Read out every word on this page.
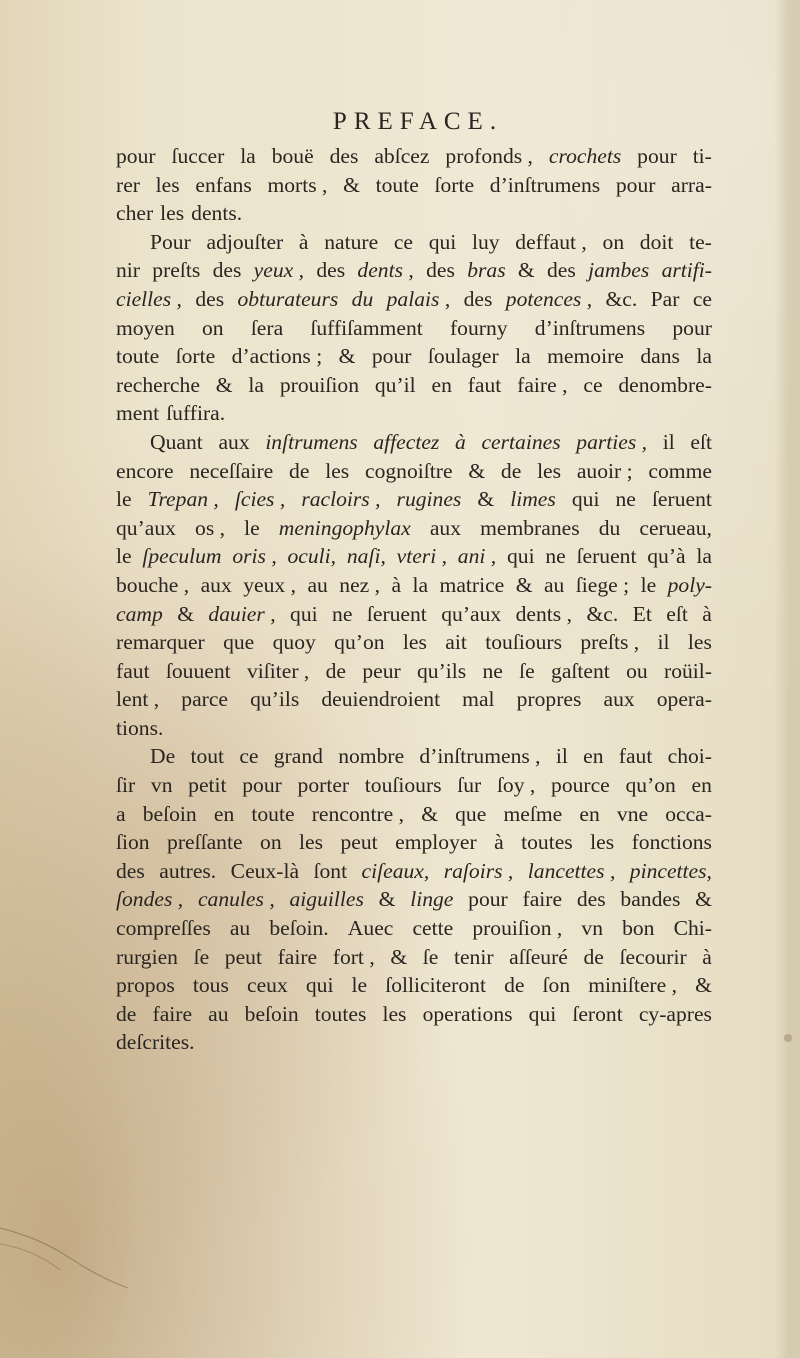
PREFACE.
pour ſuccer la bouë des abſcez profonds , crochets pour ti-
rer les enfans morts , & toute ſorte d’inſtrumens pour arra-
cher les dents.
Pour adjouſter à nature ce qui luy deffaut , on doit te-
nir preſts des yeux , des dents , des bras & des jambes artifi-
cielles , des obturateurs du palais , des potences , &c. Par ce
moyen on ſera ſuffiſamment fourny d’inſtrumens pour
toute ſorte d’actions ; & pour ſoulager la memoire dans la
recherche & la prouiſion qu’il en faut faire , ce denombre-
ment ſuffira.
Quant aux inſtrumens affectez à certaines parties , il eſt
encore neceſſaire de les cognoiſtre & de les auoir ; comme
le Trepan , ſcies , racloirs , rugines & limes qui ne ſeruent
qu’aux os , le meningophylax aux membranes du cerueau,
le ſpeculum oris , oculi, naſi, vteri , ani , qui ne ſeruent qu’à la
bouche , aux yeux , au nez , à la matrice & au ſiege ; le poly-
camp & dauier , qui ne ſeruent qu’aux dents , &c. Et eſt à
remarquer que quoy qu’on les ait touſiours preſts , il les
faut ſouuent viſiter , de peur qu’ils ne ſe gaſtent ou roüil-
lent , parce qu’ils deuiendroient mal propres aux opera-
tions.
De tout ce grand nombre d’inſtrumens , il en faut choi-
ſir vn petit pour porter touſiours ſur ſoy , pource qu’on en
a beſoin en toute rencontre , & que meſme en vne occa-
ſion preſſante on les peut employer à toutes les fonctions
des autres. Ceux-là ſont ciſeaux, raſoirs , lancettes , pincettes,
ſondes , canules , aiguilles & linge pour faire des bandes &
compreſſes au beſoin. Auec cette prouiſion , vn bon Chi-
rurgien ſe peut faire fort , & ſe tenir aſſeuré de ſecourir à
propos tous ceux qui le ſolliciteront de ſon miniſtere , &
de faire au beſoin toutes les operations qui ſeront cy-apres
deſcrites.
